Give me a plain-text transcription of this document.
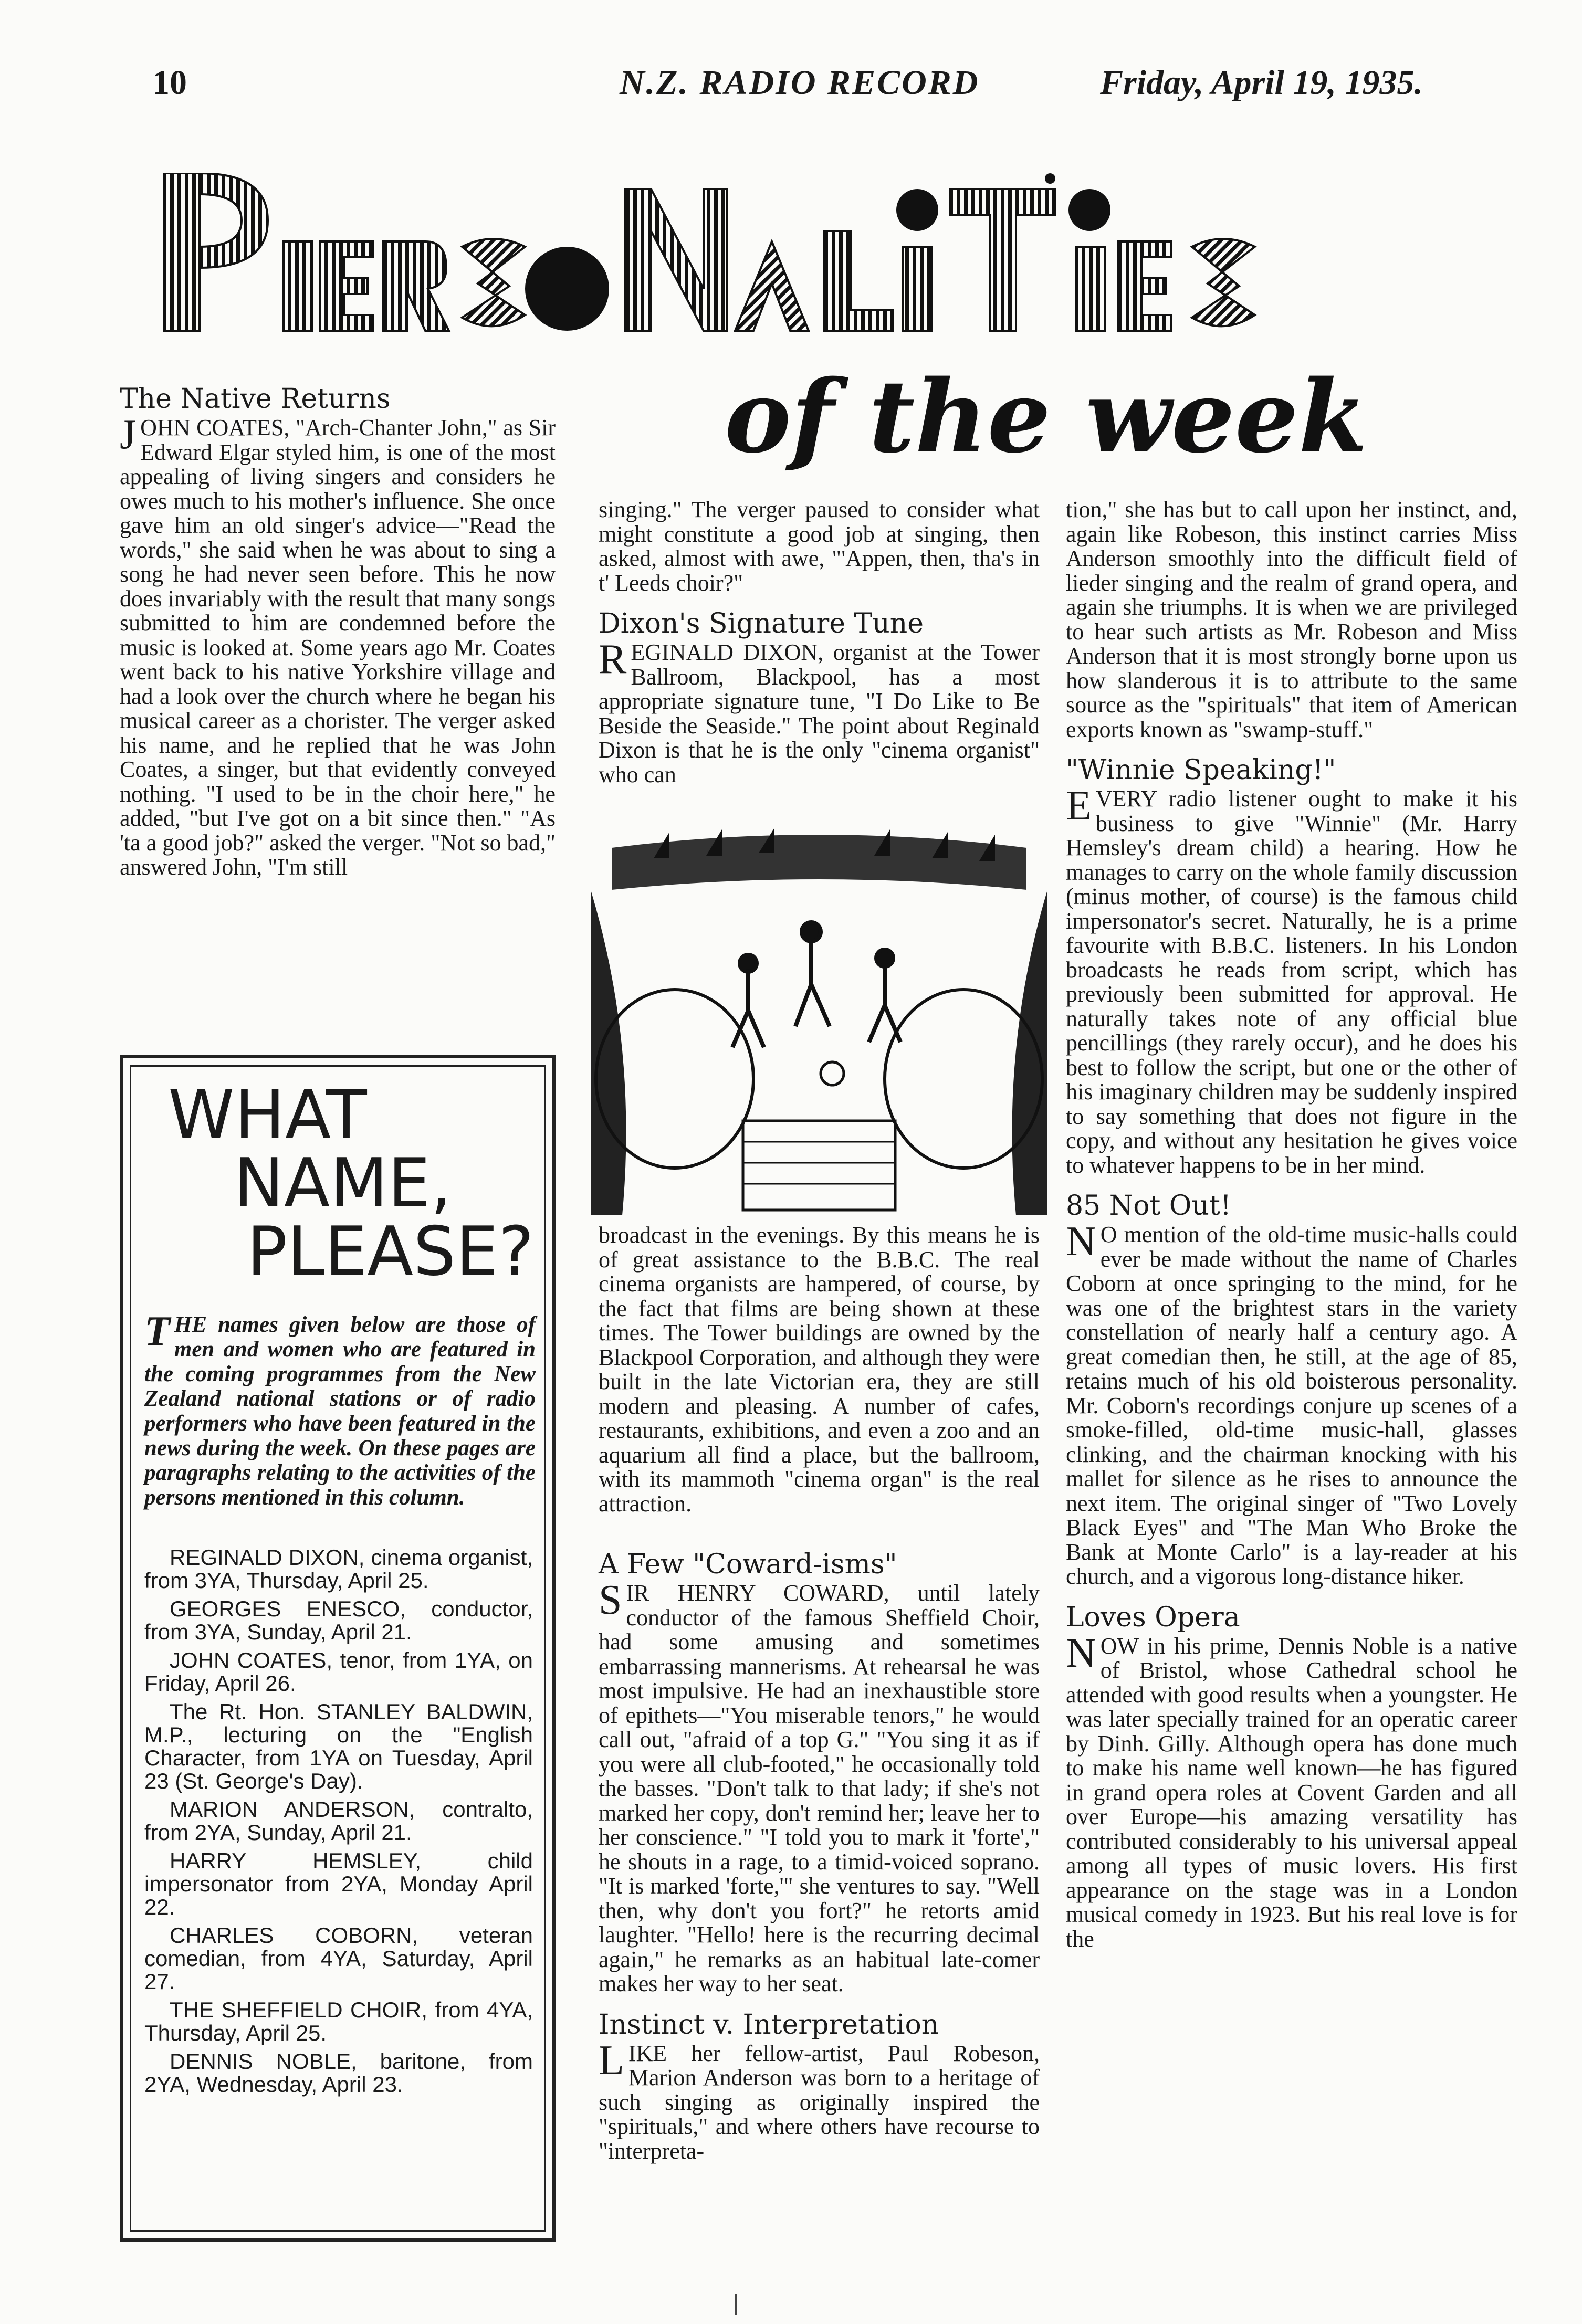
10	N.Z. RADIO RECORD	Friday, April 19, 1935.
of the week

The Native Returns

JOHN COATES, "Arch-Chanter John," as Sir Edward Elgar styled him, is one of the most appealing of living singers and considers he owes much to his mother's influence. She once gave him an old singer's advice—"Read the words," she said when he was about to sing a song he had never seen before. This he now does invariably with the result that many songs submitted to him are condemned before the music is looked at. Some years ago Mr. Coates went back to his native Yorkshire village and had a look over the church where he began his musical career as a chorister. The verger asked his name, and he replied that he was John Coates, a singer, but that evidently conveyed nothing. "I used to be in the choir here," he added, "but I've got on a bit since then." "As 'ta a good job?" asked the verger. "Not so bad," answered John, "I'm still

WHAT
NAME,
PLEASE?
THE names given below are those of men and women who are featured in the coming programmes from the New Zealand national stations or of radio performers who have been featured in the news during the week. On these pages are paragraphs relating to the activities of the persons mentioned in this column.
REGINALD DIXON, cinema organist, from 3YA, Thursday, April 25.
GEORGES ENESCO, conductor, from 3YA, Sunday, April 21.
JOHN COATES, tenor, from 1YA, on Friday, April 26.
The Rt. Hon. STANLEY BALDWIN, M.P., lecturing on the "English Character, from 1YA on Tuesday, April 23 (St. George's Day).
MARION ANDERSON, contralto, from 2YA, Sunday, April 21.
HARRY HEMSLEY, child impersonator from 2YA, Monday April 22.
CHARLES COBORN, veteran comedian, from 4YA, Saturday, April 27.
THE SHEFFIELD CHOIR, from 4YA, Thursday, April 25.
DENNIS NOBLE, baritone, from 2YA, Wednesday, April 23.

singing." The verger paused to consider what might constitute a good job at singing, then asked, almost with awe, "'Appen, then, tha's in t' Leeds choir?"

Dixon's Signature Tune

REGINALD DIXON, organist at the Tower Ballroom, Blackpool, has a most appropriate signature tune, "I Do Like to Be Beside the Seaside." The point about Reginald Dixon is that he is the only "cinema organist" who can

broadcast in the evenings. By this means he is of great assistance to the B.B.C. The real cinema organists are hampered, of course, by the fact that films are being shown at these times. The Tower buildings are owned by the Blackpool Corporation, and although they were built in the late Victorian era, they are still modern and pleasing. A number of cafes, restaurants, exhibitions, and even a zoo and an aquarium all find a place, but the ballroom, with its mammoth "cinema organ" is the real attraction.

A Few "Coward-isms"

SIR HENRY COWARD, until lately conductor of the famous Sheffield Choir, had some amusing and sometimes embarrassing mannerisms. At rehearsal he was most impulsive. He had an inexhaustible store of epithets—"You miserable tenors," he would call out, "afraid of a top G." "You sing it as if you were all club-footed," he occasionally told the basses. "Don't talk to that lady; if she's not marked her copy, don't remind her; leave her to her conscience." "I told you to mark it 'forte'," he shouts in a rage, to a timid-voiced soprano. "It is marked 'forte,'" she ventures to say. "Well then, why don't you fort?" he retorts amid laughter. "Hello! here is the recurring decimal again," he remarks as an habitual late-comer makes her way to her seat.

Instinct v. Interpretation

LIKE her fellow-artist, Paul Robeson, Marion Anderson was born to a heritage of such singing as originally inspired the "spirituals," and where others have recourse to "interpreta-

tion," she has but to call upon her instinct, and, again like Robeson, this instinct carries Miss Anderson smoothly into the difficult field of lieder singing and the realm of grand opera, and again she triumphs. It is when we are privileged to hear such artists as Mr. Robeson and Miss Anderson that it is most strongly borne upon us how slanderous it is to attribute to the same source as the "spirituals" that item of American exports known as "swamp-stuff."

"Winnie Speaking!"

EVERY radio listener ought to make it his business to give "Winnie" (Mr. Harry Hemsley's dream child) a hearing. How he manages to carry on the whole family discussion (minus mother, of course) is the famous child impersonator's secret. Naturally, he is a prime favourite with B.B.C. listeners. In his London broadcasts he reads from script, which has previously been submitted for approval. He naturally takes note of any official blue pencillings (they rarely occur), and he does his best to follow the script, but one or the other of his imaginary children may be suddenly inspired to say something that does not figure in the copy, and without any hesitation he gives voice to whatever happens to be in her mind.

85 Not Out!

N O mention of the old-time music-halls could ever be made without the name of Charles Coborn at once springing to the mind, for he was one of the brightest stars in the variety constellation of nearly half a century ago. A great comedian then, he still, at the age of 85, retains much of his old boisterous personality. Mr. Coborn's recordings conjure up scenes of a smoke-filled, old-time music-hall, glasses clinking, and the chairman knocking with his mallet for silence as he rises to announce the next item. The original singer of "Two Lovely Black Eyes" and "The Man Who Broke the Bank at Monte Carlo" is a lay-reader at his church, and a vigorous long-distance hiker.

Loves Opera

NOW in his prime, Dennis Noble is a native of Bristol, whose Cathedral school he attended with good results when a youngster. He was later specially trained for an operatic career by Dinh. Gilly. Although opera has done much to make his name well known—he has figured in grand opera roles at Covent Garden and all over Europe—his amazing versatility has contributed considerably to his universal appeal among all types of music lovers. His first appearance on the stage was in a London musical comedy in 1923. But his real love is for the
